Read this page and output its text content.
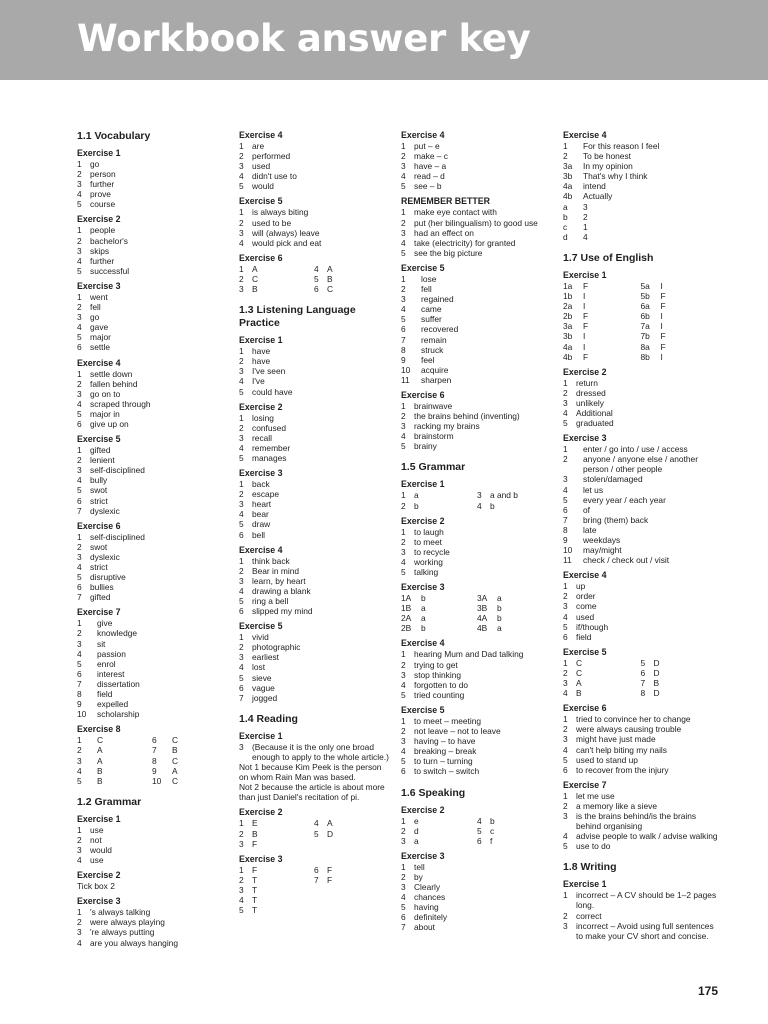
Workbook answer key
1.1 Vocabulary
Exercise 1
1 go
2 person
3 further
4 prove
5 course
Exercise 2
1 people
2 bachelor's
3 skips
4 further
5 successful
Exercise 3
1 went
2 fell
3 go
4 gave
5 major
6 settle
Exercise 4
1 settle down
2 fallen behind
3 go on to
4 scraped through
5 major in
6 give up on
Exercise 5
1 gifted
2 lenient
3 self-disciplined
4 bully
5 swot
6 strict
7 dyslexic
Exercise 6
1 self-disciplined
2 swot
3 dyslexic
4 strict
5 disruptive
6 bullies
7 gifted
Exercise 7
1	give
2	knowledge
3	sit
4	passion
5	enrol
6	interest
7	dissertation
8	field
9	expelled
10	scholarship
Exercise 8
1	C	6	C
2	A	7	B
3	A	8	C
4	B	9	A
5	B	10	C
1.2 Grammar
Exercise 1
1 use
2 not
3 would
4 use
Exercise 2
Tick box 2
Exercise 3
1 's always talking
2 were always playing
3 're always putting
4 are you always hanging
Exercise 4
1 are
2 performed
3 used
4 didn't use to
5 would
Exercise 5
1 is always biting
2 used to be
3 will (always) leave
4 would pick and eat
Exercise 6
1 A	4 A
2 C	5 B
3 B	6 C
1.3 Listening Language Practice
Exercise 1
1 have
2 have
3 I've seen
4 I've
5 could have
Exercise 2
1 losing
2 confused
3 recall
4 remember
5 manages
Exercise 3
1 back
2 escape
3 heart
4 bear
5 draw
6 bell
Exercise 4
1 think back
2 Bear in mind
3 learn, by heart
4 drawing a blank
5 ring a bell
6 slipped my mind
Exercise 5
1 vivid
2 photographic
3 earliest
4 lost
5 sieve
6 vague
7 jogged
1.4 Reading
Exercise 1
3 (Because it is the only one broad enough to apply to the whole article.)
Not 1 because Kim Peek is the person on whom Rain Man was based.
Not 2 because the article is about more than just Daniel's recitation of pi.
Exercise 2
1 E	4 A
2 B	5 D
3 F
Exercise 3
1 F	6 F
2 T	7 F
3 T
4 T
5 T
Exercise 4
1 put – e
2 make – c
3 have – a
4 read – d
5 see – b
REMEMBER BETTER
1 make eye contact with
2 put (her bilingualism) to good use
3 had an effect on
4 take (electricity) for granted
5 see the big picture
Exercise 5
1	lose
2	fell
3	regained
4	came
5	suffer
6	recovered
7	remain
8	struck
9	feel
10	acquire
11	sharpen
Exercise 6
1 brainwave
2 the brains behind (inventing)
3 racking my brains
4 brainstorm
5 brainy
1.5 Grammar
Exercise 1
1 a	3 a and b
2 b	4 b
Exercise 2
1 to laugh
2 to meet
3 to recycle
4 working
5 talking
Exercise 3
1A	b	3A	a
1B	a	3B	b
2A	a	4A	b
2B	b	4B	a
Exercise 4
1 hearing Mum and Dad talking
2 trying to get
3 stop thinking
4 forgotten to do
5 tried counting
Exercise 5
1 to meet – meeting
2 not leave – not to leave
3 having – to have
4 breaking – break
5 to turn – turning
6 to switch – switch
1.6 Speaking
Exercise 2
1 e	4 b
2 d	5 c
3 a	6 f
Exercise 3
1 tell
2 by
3 Clearly
4 chances
5 having
6 definitely
7 about
Exercise 4
1	For this reason I feel
2	To be honest
3a	In my opinion
3b	That's why I think
4a	intend
4b	Actually
a	3
b	2
c	1
d	4
1.7 Use of English
Exercise 1
1a	F	5a	I
1b	I	5b	F
2a	I	6a	F
2b	F	6b	I
3a	F	7a	I
3b	I	7b	F
4a	I	8a	F
4b	F	8b	I
Exercise 2
1 return
2 dressed
3 unlikely
4 Additional
5 graduated
Exercise 3
1	enter / go into / use / access
2	anyone / anyone else / another person / other people
3	stolen/damaged
4	let us
5	every year / each year
6	of
7	bring (them) back
8	late
9	weekdays
10	may/might
11	check / check out / visit
Exercise 4
1 up
2 order
3 come
4 used
5 if/though
6 field
Exercise 5
1 C	5 D
2 C	6 D
3 A	7 B
4 B	8 D
Exercise 6
1 tried to convince her to change
2 were always causing trouble
3 might have just made
4 can't help biting my nails
5 used to stand up
6 to recover from the injury
Exercise 7
1 let me use
2 a memory like a sieve
3 is the brains behind/is the brains behind organising
4 advise people to walk / advise walking
5 use to do
1.8 Writing
Exercise 1
1 incorrect – A CV should be 1–2 pages long.
2 correct
3 incorrect – Avoid using full sentences to make your CV short and concise.
175
